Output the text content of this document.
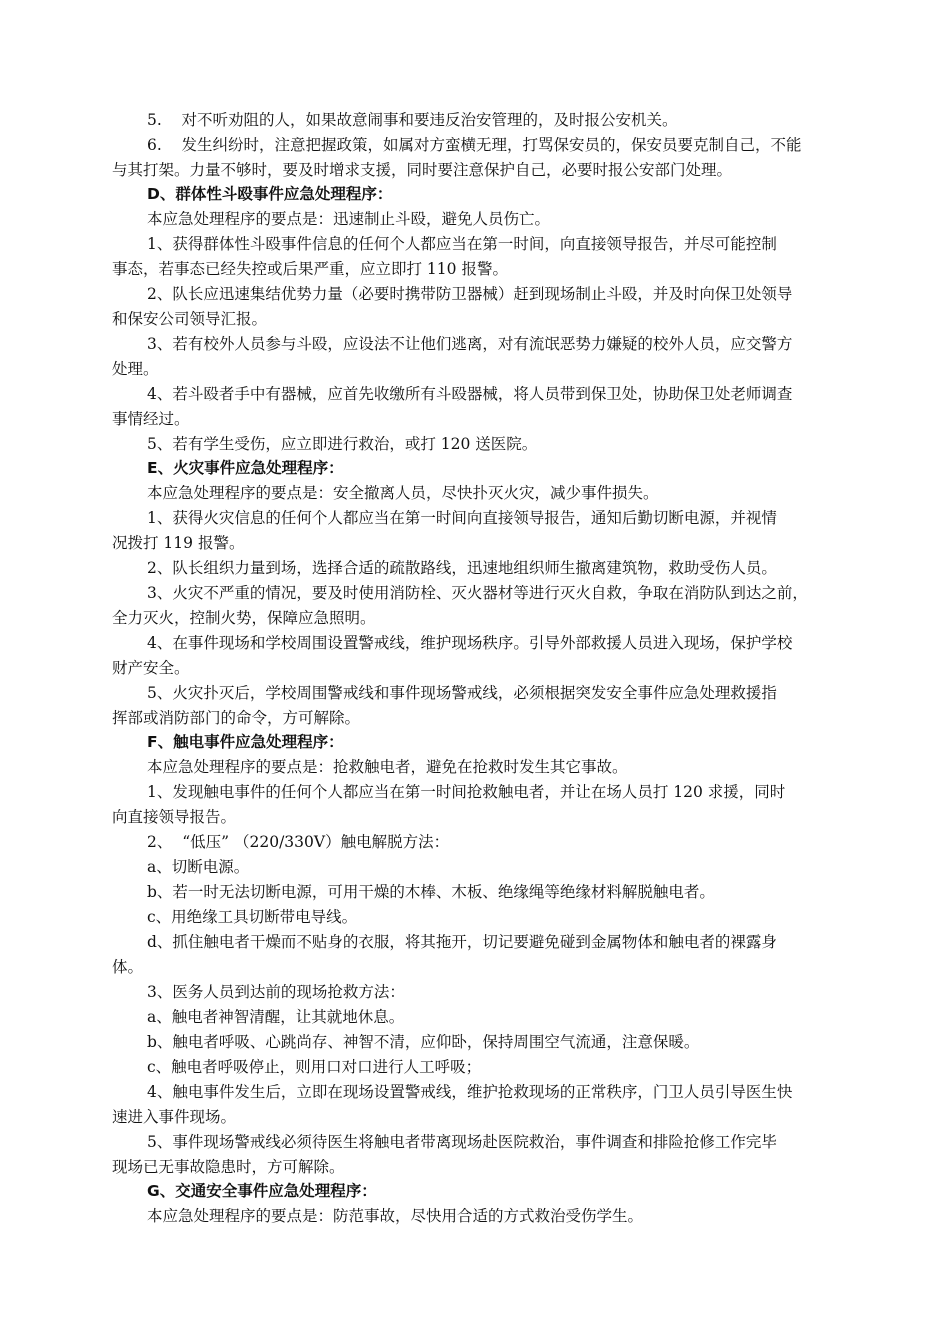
5.    对不听劝阻的人，如果故意闹事和要违反治安管理的，及时报公安机关。
6.    发生纠纷时，注意把握政策，如属对方蛮横无理，打骂保安员的，保安员要克制自己，不能
与其打架。力量不够时，要及时增求支援，同时要注意保护自己，必要时报公安部门处理。
D、群体性斗殴事件应急处理程序：
本应急处理程序的要点是：迅速制止斗殴，避免人员伤亡。
1、获得群体性斗殴事件信息的任何个人都应当在第一时间，向直接领导报告，并尽可能控制
事态，若事态已经失控或后果严重，应立即打 110 报警。
2、队长应迅速集结优势力量（必要时携带防卫器械）赶到现场制止斗殴，并及时向保卫处领导
和保安公司领导汇报。
3、若有校外人员参与斗殴，应设法不让他们逃离，对有流氓恶势力嫌疑的校外人员，应交警方
处理。
4、若斗殴者手中有器械，应首先收缴所有斗殴器械，将人员带到保卫处，协助保卫处老师调查
事情经过。
5、若有学生受伤，应立即进行救治，或打 120 送医院。
E、火灾事件应急处理程序：
本应急处理程序的要点是：安全撤离人员，尽快扑灭火灾，减少事件损失。
1、获得火灾信息的任何个人都应当在第一时间向直接领导报告，通知后勤切断电源，并视情
况拨打 119 报警。
2、队长组织力量到场，选择合适的疏散路线，迅速地组织师生撤离建筑物，救助受伤人员。
3、火灾不严重的情况，要及时使用消防栓、灭火器材等进行灭火自救，争取在消防队到达之前，
全力灭火，控制火势，保障应急照明。
4、在事件现场和学校周围设置警戒线，维护现场秩序。引导外部救援人员进入现场，保护学校
财产安全。
5、火灾扑灭后，学校周围警戒线和事件现场警戒线，必须根据突发安全事件应急处理救援指
挥部或消防部门的命令，方可解除。
F、触电事件应急处理程序：
本应急处理程序的要点是：抢救触电者，避免在抢救时发生其它事故。
1、发现触电事件的任何个人都应当在第一时间抢救触电者，并让在场人员打 120 求援，同时
向直接领导报告。
2、  “低压” （220/330V）触电解脱方法：
a、切断电源。
b、若一时无法切断电源，可用干燥的木棒、木板、绝缘绳等绝缘材料解脱触电者。
c、用绝缘工具切断带电导线。
d、抓住触电者干燥而不贴身的衣服，将其拖开，切记要避免碰到金属物体和触电者的裸露身
体。
3、医务人员到达前的现场抢救方法：
a、触电者神智清醒，让其就地休息。
b、触电者呼吸、心跳尚存、神智不清，应仰卧，保持周围空气流通，注意保暖。
c、触电者呼吸停止，则用口对口进行人工呼吸；
4、触电事件发生后，立即在现场设置警戒线，维护抢救现场的正常秩序，门卫人员引导医生快
速进入事件现场。
5、事件现场警戒线必须待医生将触电者带离现场赴医院救治，事件调查和排险抢修工作完毕
现场已无事故隐患时，方可解除。
G、交通安全事件应急处理程序：
本应急处理程序的要点是：防范事故，尽快用合适的方式救治受伤学生。
